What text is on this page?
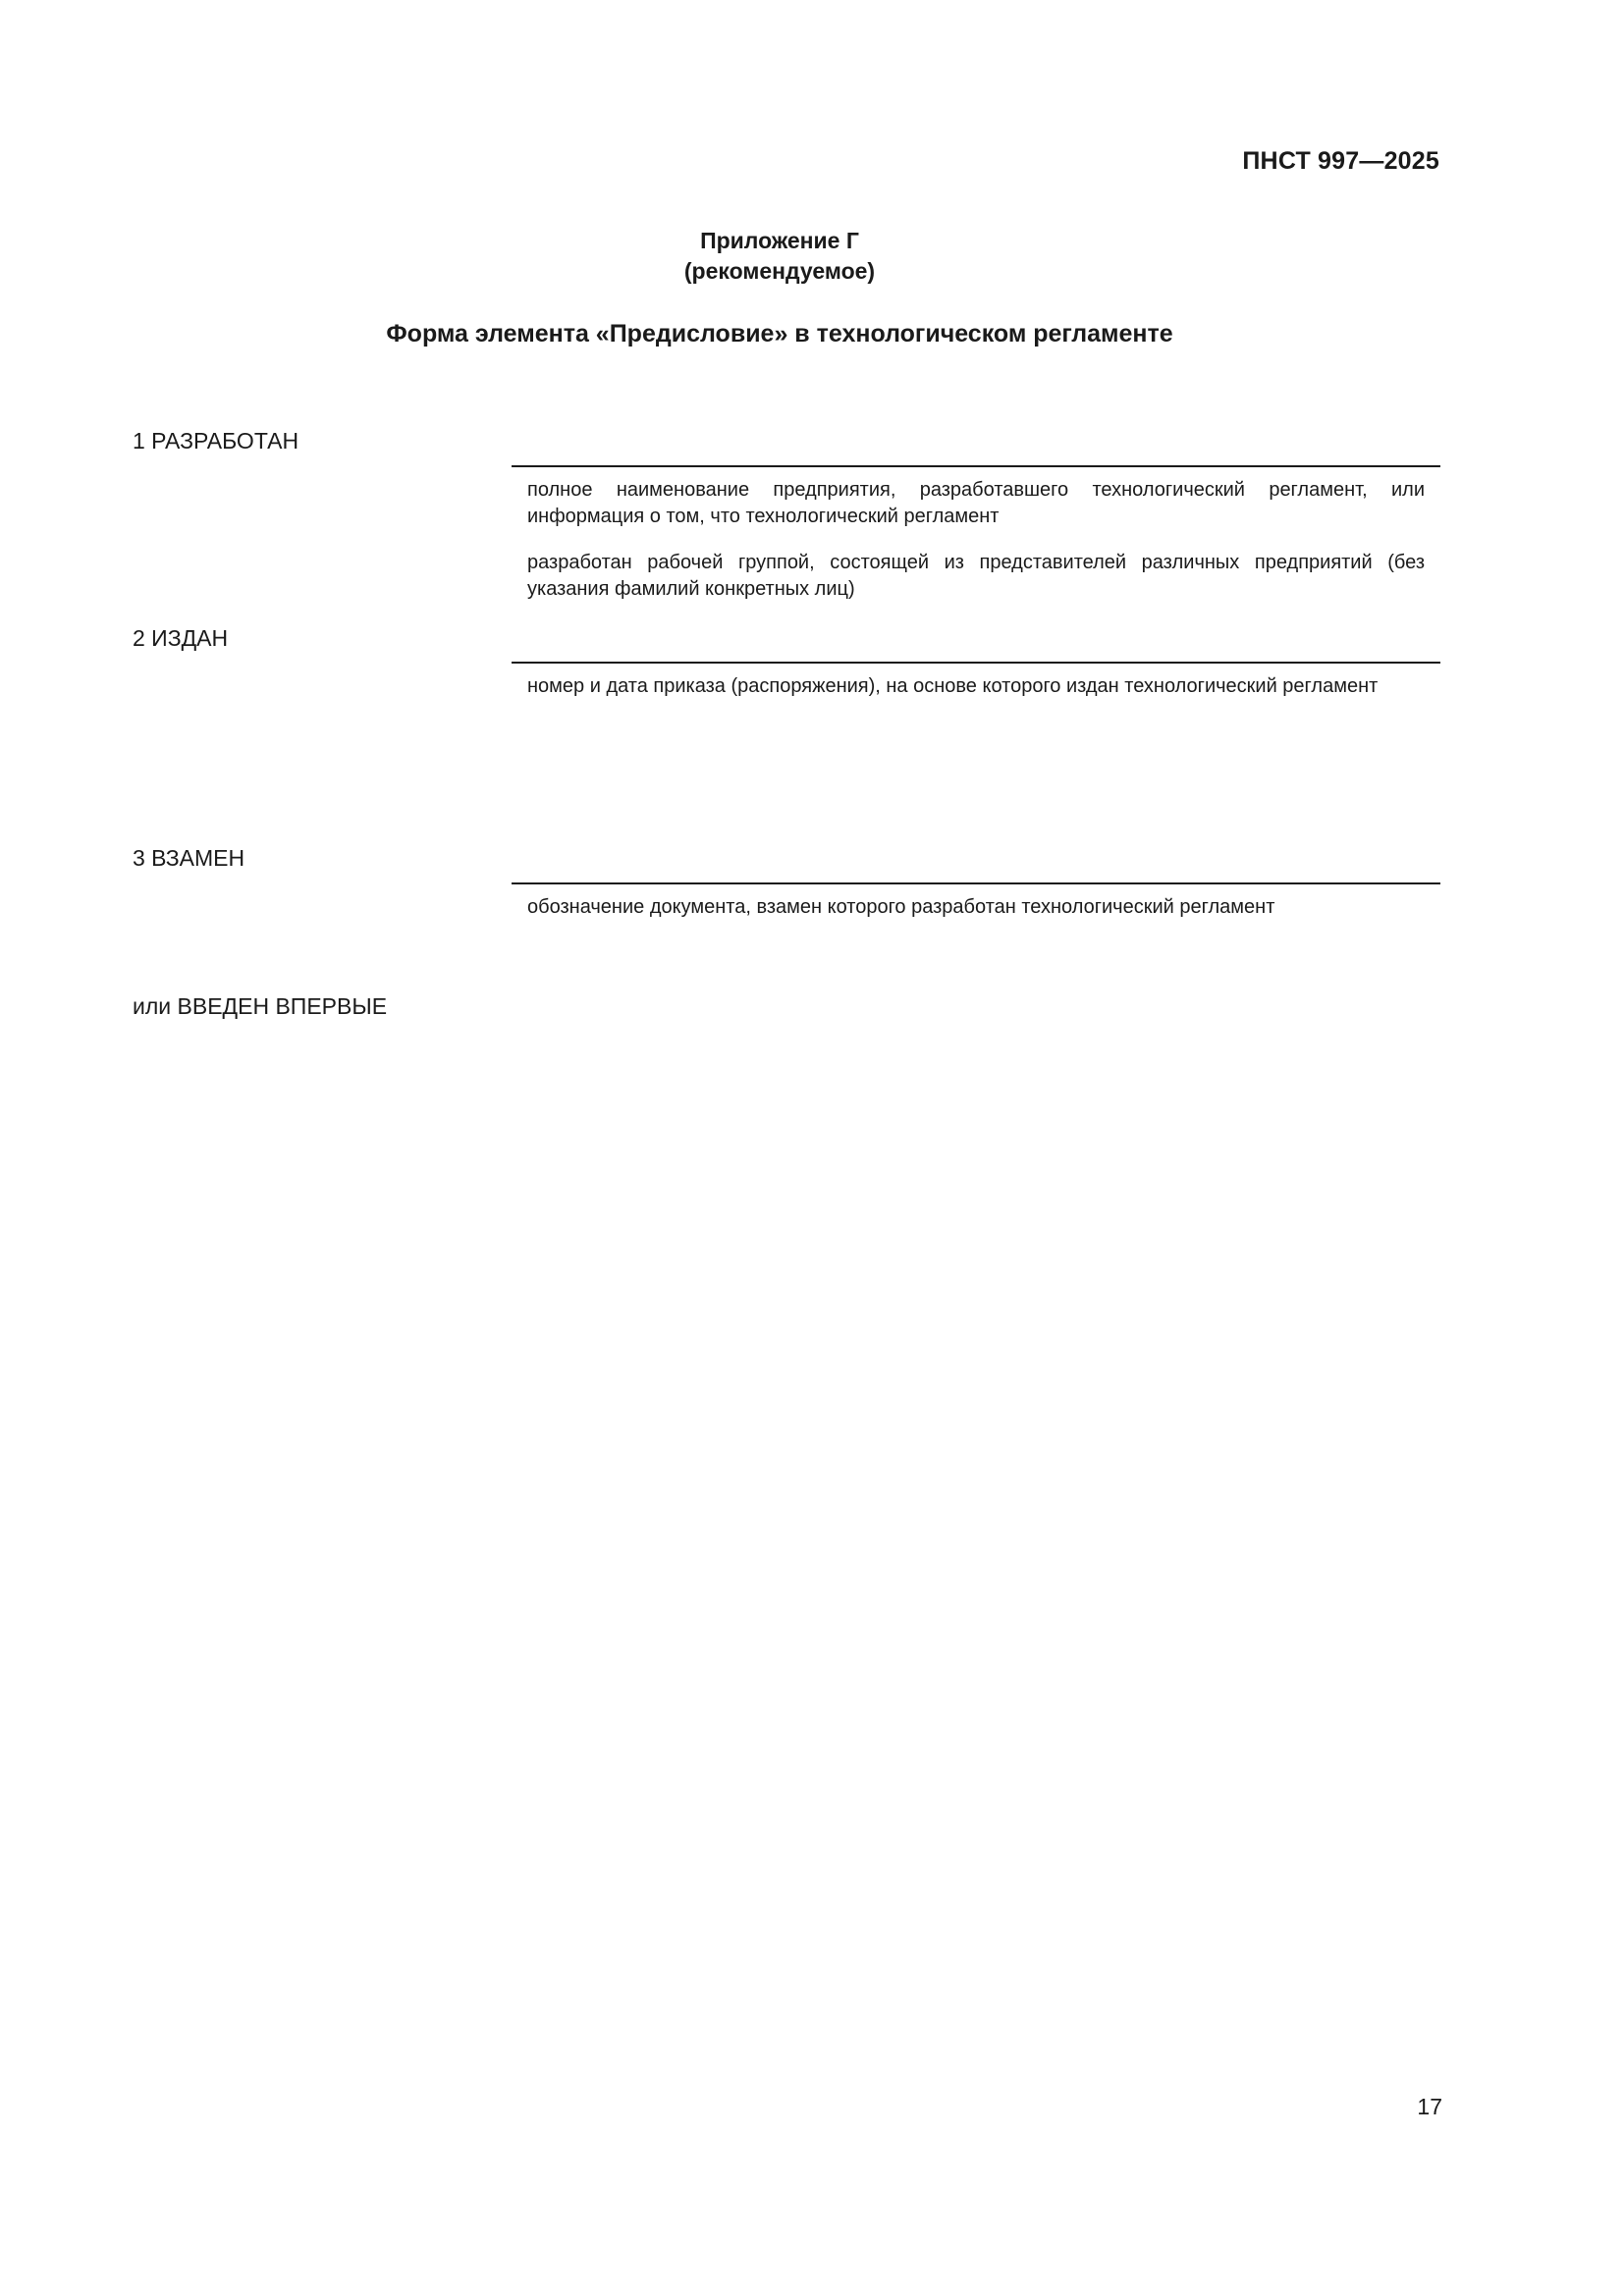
ПНСТ 997—2025
Приложение Г
(рекомендуемое)
Форма элемента «Предисловие» в технологическом регламенте
1 РАЗРАБОТАН
полное наименование предприятия, разработавшего технологический регламент, или информация о том, что технологический регламент
разработан рабочей группой, состоящей из представителей различных предприятий (без указания фамилий конкретных лиц)
2 ИЗДАН
номер и дата приказа (распоряжения), на основе которого издан технологический регламент
3 ВЗАМЕН
обозначение документа, взамен которого разработан технологический регламент
или ВВЕДЕН ВПЕРВЫЕ
17
